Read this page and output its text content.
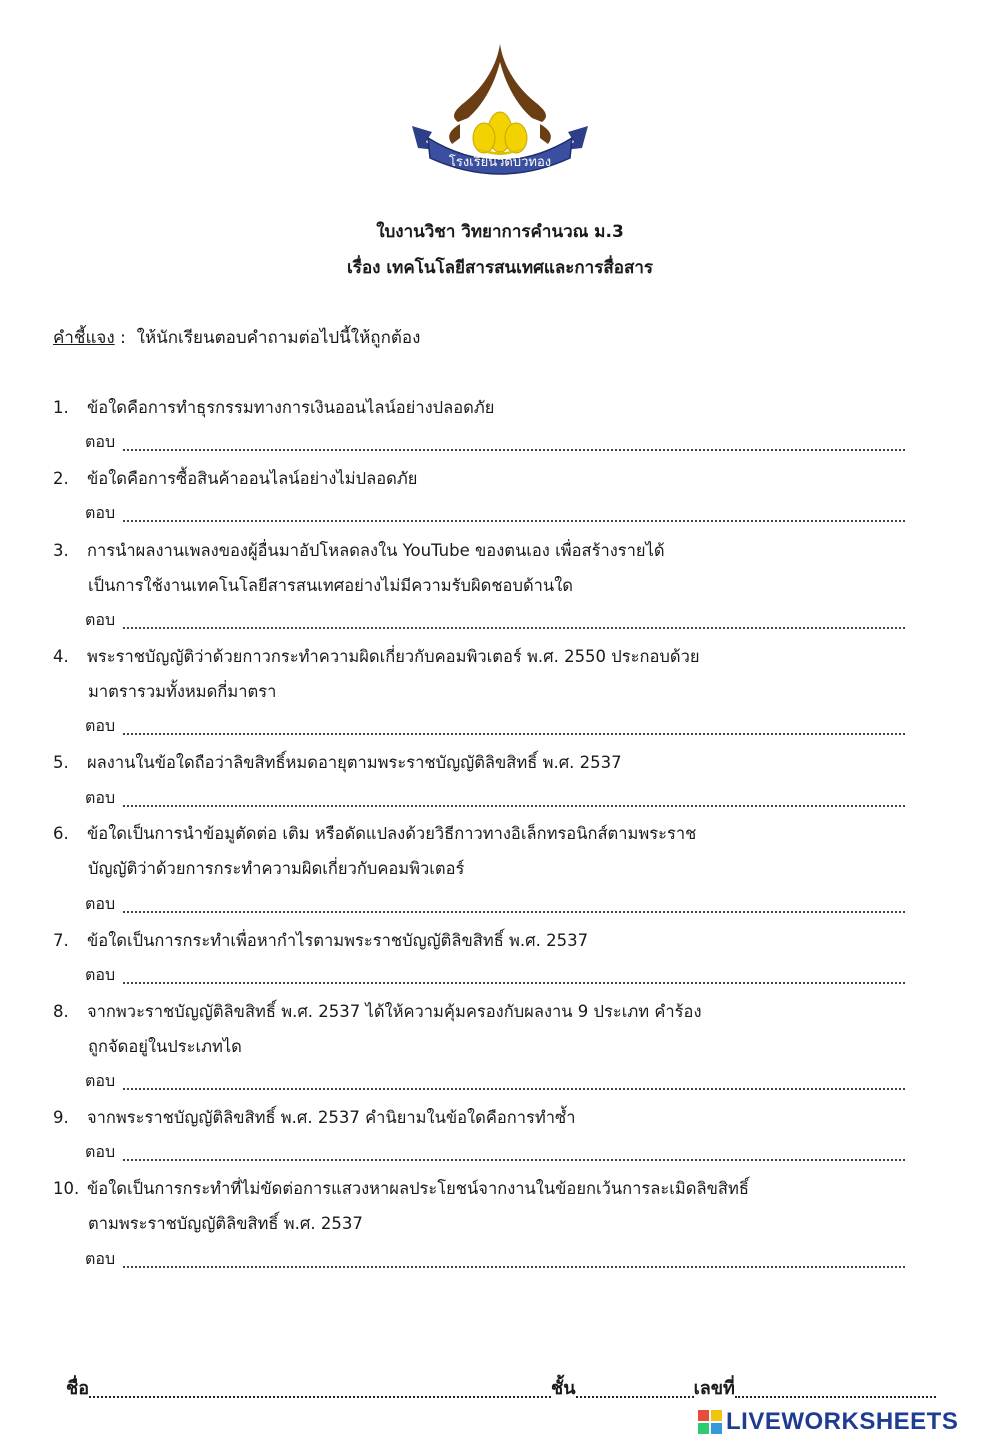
โรงเรียนวัดบัวทอง
ใบงานวิชา วิทยาการคำนวณ ม.3
เรื่อง เทคโนโลยีสารสนเทศและการสื่อสาร
คำชี้แจง :  ให้นักเรียนตอบคำถามต่อไปนี้ให้ถูกต้อง
1. ข้อใดคือการทำธุรกรรมทางการเงินออนไลน์อย่างปลอดภัย
ตอบ
2. ข้อใดคือการซื้อสินค้าออนไลน์อย่างไม่ปลอดภัย
ตอบ
3. การนำผลงานเพลงของผู้อื่นมาอัปโหลดลงใน YouTube ของตนเอง เพื่อสร้างรายได้
เป็นการใช้งานเทคโนโลยีสารสนเทศอย่างไม่มีความรับผิดชอบด้านใด
ตอบ
4. พระราชบัญญัติว่าด้วยกาวกระทำความผิดเกี่ยวกับคอมพิวเตอร์ พ.ศ. 2550 ประกอบด้วย
มาตรารวมทั้งหมดกี่มาตรา
ตอบ
5. ผลงานในข้อใดถือว่าลิขสิทธิ์หมดอายุตามพระราชบัญญัติลิขสิทธิ์ พ.ศ. 2537
ตอบ
6. ข้อใดเป็นการนำข้อมูตัดต่อ เติม หรือดัดแปลงด้วยวิธีกาวทางอิเล็กทรอนิกส์ตามพระราช
บัญญัติว่าด้วยการกระทำความผิดเกี่ยวกับคอมพิวเตอร์
ตอบ
7. ข้อใดเป็นการกระทำเพื่อหากำไรตามพระราชบัญญัติลิขสิทธิ์ พ.ศ. 2537
ตอบ
8. จากพวะราชบัญญัติลิขสิทธิ์ พ.ศ. 2537 ได้ให้ความคุ้มครองกับผลงาน 9 ประเภท คำร้อง
ถูกจัดอยู่ในประเภทได
ตอบ
9. จากพระราชบัญญัติลิขสิทธิ์ พ.ศ. 2537 คำนิยามในข้อใดคือการทำซ้ำ
ตอบ
10. ข้อใดเป็นการกระทำที่ไม่ขัดต่อการแสวงหาผลประโยชน์จากงานในข้อยกเว้นการละเมิดลิขสิทธิ์
ตามพระราชบัญญัติลิขสิทธิ์ พ.ศ. 2537
ตอบ
ชื่อ	ชั้น	เลขที่
LIVEWORKSHEETS
